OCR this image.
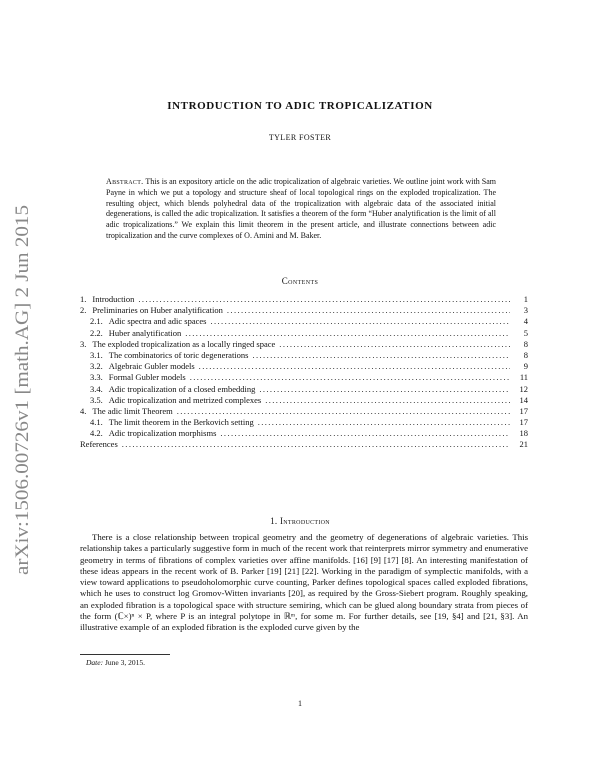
arXiv:1506.00726v1 [math.AG] 2 Jun 2015
INTRODUCTION TO ADIC TROPICALIZATION
TYLER FOSTER
Abstract. This is an expository article on the adic tropicalization of algebraic varieties. We outline joint work with Sam Payne in which we put a topology and structure sheaf of local topological rings on the exploded tropicalization. The resulting object, which blends polyhedral data of the tropicalization with algebraic data of the associated initial degenerations, is called the adic tropicalization. It satisfies a theorem of the form “Huber analytification is the limit of all adic tropicalizations.” We explain this limit theorem in the present article, and illustrate connections between adic tropicalization and the curve complexes of O. Amini and M. Baker.
Contents
1. Introduction .....	1
2. Preliminaries on Huber analytification .....	3
2.1. Adic spectra and adic spaces .....	4
2.2. Huber analytification .....	5
3. The exploded tropicalization as a locally ringed space .....	8
3.1. The combinatorics of toric degenerations .....	8
3.2. Algebraic Gubler models .....	9
3.3. Formal Gubler models .....	11
3.4. Adic tropicalization of a closed embedding .....	12
3.5. Adic tropicalization and metrized complexes .....	14
4. The adic limit Theorem .....	17
4.1. The limit theorem in the Berkovich setting .....	17
4.2. Adic tropicalization morphisms .....	18
References .....	21
1. Introduction
There is a close relationship between tropical geometry and the geometry of degenerations of algebraic varieties. This relationship takes a particularly suggestive form in much of the recent work that reinterprets mirror symmetry and enumerative geometry in terms of fibrations of complex varieties over affine manifolds. [16] [9] [17] [8]. An interesting manifestation of these ideas appears in the recent work of B. Parker [19] [21] [22]. Working in the paradigm of symplectic manifolds, with a view toward applications to pseudoholomorphic curve counting, Parker defines topological spaces called exploded fibrations, which he uses to construct log Gromov-Witten invariants [20], as required by the Gross-Siebert program. Roughly speaking, an exploded fibration is a topological space with structure semiring, which can be glued along boundary strata from pieces of the form (ℂ×)ⁿ × P, where P is an integral polytope in ℝᵐ, for some m. For further details, see [19, §4] and [21, §3]. An illustrative example of an exploded fibration is the exploded curve given by the
Date: June 3, 2015.
1
